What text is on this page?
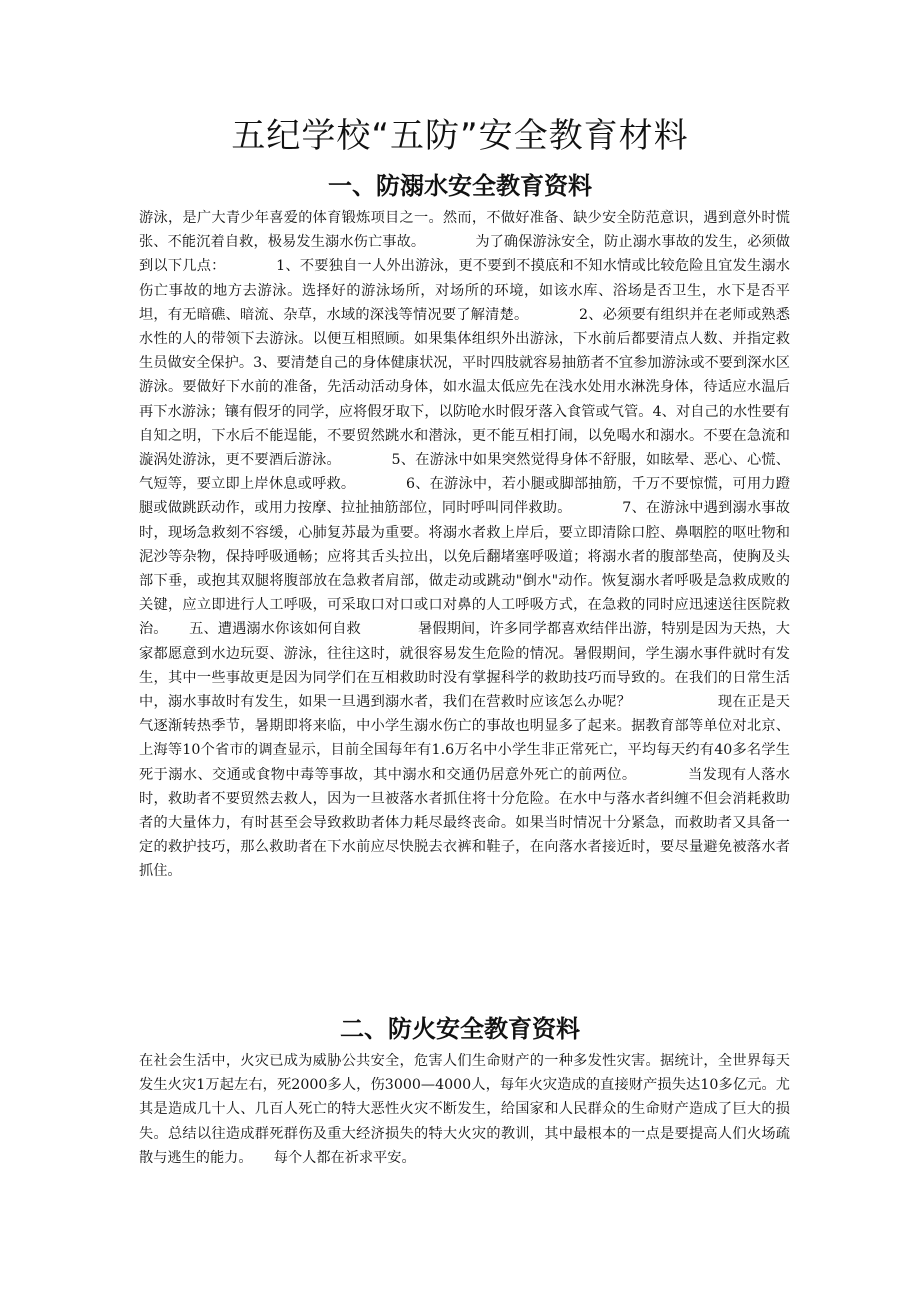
五纪学校“五防”安全教育材料
一、防溺水安全教育资料

游泳，是广大青少年喜爱的体育锻炼项目之一。然而，不做好准备、缺少安全防范意识，遇到意外时慌张、不能沉着自救，极易发生溺水伤亡事故。　　　　为了确保游泳安全，防止溺水事故的发生，必须做到以下几点：　　　　1、不要独自一人外出游泳，更不要到不摸底和不知水情或比较危险且宜发生溺水伤亡事故的地方去游泳。选择好的游泳场所，对场所的环境，如该水库、浴场是否卫生，水下是否平坦，有无暗礁、暗流、杂草，水域的深浅等情况要了解清楚。　　　　2、必须要有组织并在老师或熟悉水性的人的带领下去游泳。以便互相照顾。如果集体组织外出游泳，下水前后都要清点人数、并指定救生员做安全保护。3、要清楚自己的身体健康状况，平时四肢就容易抽筋者不宜参加游泳或不要到深水区游泳。要做好下水前的准备，先活动活动身体，如水温太低应先在浅水处用水淋洗身体，待适应水温后再下水游泳；镶有假牙的同学，应将假牙取下，以防呛水时假牙落入食管或气管。4、对自己的水性要有自知之明，下水后不能逞能，不要贸然跳水和潜泳，更不能互相打闹，以免喝水和溺水。不要在急流和漩涡处游泳，更不要酒后游泳。　　　　5、在游泳中如果突然觉得身体不舒服，如眩晕、恶心、心慌、气短等，要立即上岸休息或呼救。　　　　6、在游泳中，若小腿或脚部抽筋，千万不要惊慌，可用力蹬腿或做跳跃动作，或用力按摩、拉扯抽筋部位，同时呼叫同伴救助。　　　　7、在游泳中遇到溺水事故时，现场急救刻不容缓，心肺复苏最为重要。将溺水者救上岸后，要立即清除口腔、鼻咽腔的呕吐物和泥沙等杂物，保持呼吸通畅；应将其舌头拉出，以免后翻堵塞呼吸道；将溺水者的腹部垫高，使胸及头部下垂，或抱其双腿将腹部放在急救者肩部，做走动或跳动"倒水"动作。恢复溺水者呼吸是急救成败的关键，应立即进行人工呼吸，可采取口对口或口对鼻的人工呼吸方式，在急救的同时应迅速送往医院救治。　　五、遭遇溺水你该如何自救　　　　暑假期间，许多同学都喜欢结伴出游，特别是因为天热，大家都愿意到水边玩耍、游泳，往往这时，就很容易发生危险的情况。暑假期间，学生溺水事件就时有发生，其中一些事故更是因为同学们在互相救助时没有掌握科学的救助技巧而导致的。在我们的日常生活中，溺水事故时有发生，如果一旦遇到溺水者，我们在营救时应该怎么办呢？　　　　　　现在正是天气逐渐转热季节，暑期即将来临，中小学生溺水伤亡的事故也明显多了起来。据教育部等单位对北京、上海等10个省市的调查显示，目前全国每年有1.6万名中小学生非正常死亡，平均每天约有40多名学生死于溺水、交通或食物中毒等事故，其中溺水和交通仍居意外死亡的前两位。　　　　当发现有人落水时，救助者不要贸然去救人，因为一旦被落水者抓住将十分危险。在水中与落水者纠缠不但会消耗救助者的大量体力，有时甚至会导致救助者体力耗尽最终丧命。如果当时情况十分紧急，而救助者又具备一定的救护技巧，那么救助者在下水前应尽快脱去衣裤和鞋子，在向落水者接近时，要尽量避免被落水者抓住。

二、防火安全教育资料

在社会生活中，火灾已成为威胁公共安全，危害人们生命财产的一种多发性灾害。据统计，全世界每天发生火灾1万起左右，死2000多人，伤3000—4000人，每年火灾造成的直接财产损失达10多亿元。尤其是造成几十人、几百人死亡的特大恶性火灾不断发生，给国家和人民群众的生命财产造成了巨大的损失。总结以往造成群死群伤及重大经济损失的特大火灾的教训，其中最根本的一点是要提高人们火场疏散与逃生的能力。　　每个人都在祈求平安。
